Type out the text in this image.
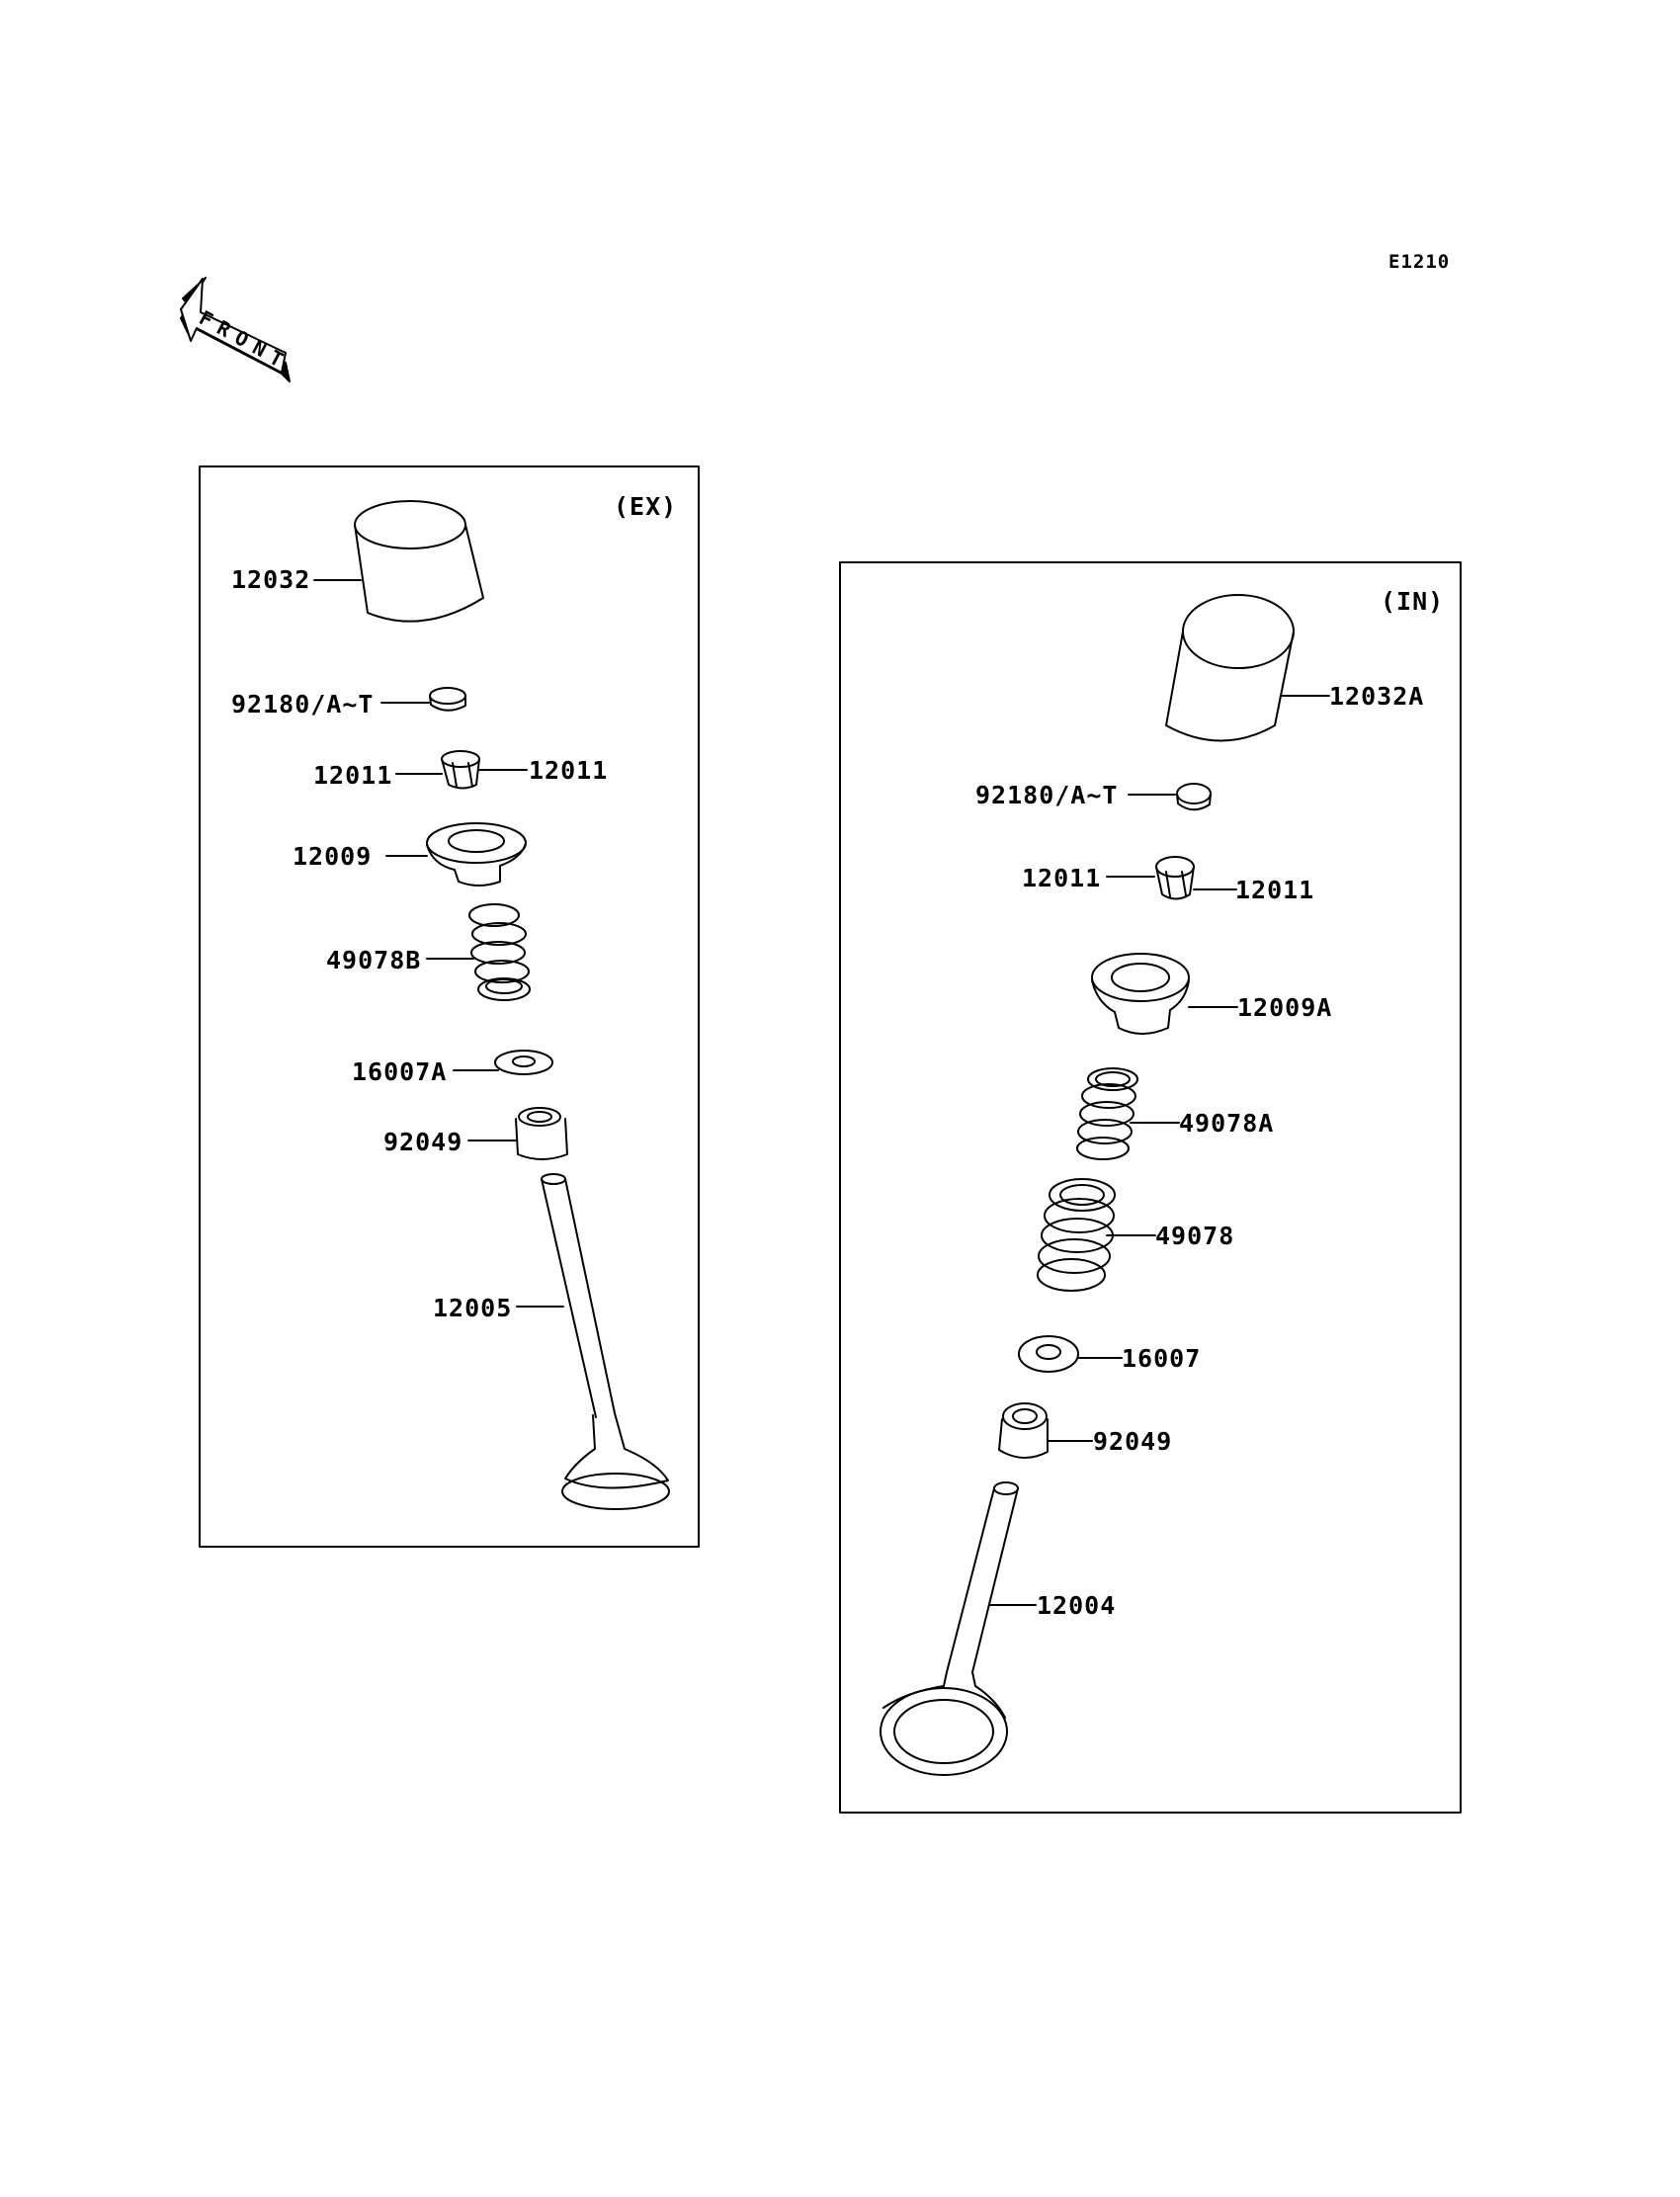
F
R
O
N
T
E1210
(EX)
(IN)
12032
92180/A~T
12011	12011
12009
49078B
16007A
92049
12005
12032A
92180/A~T
12011	12011
12009A
49078A
49078
16007
92049
12004
